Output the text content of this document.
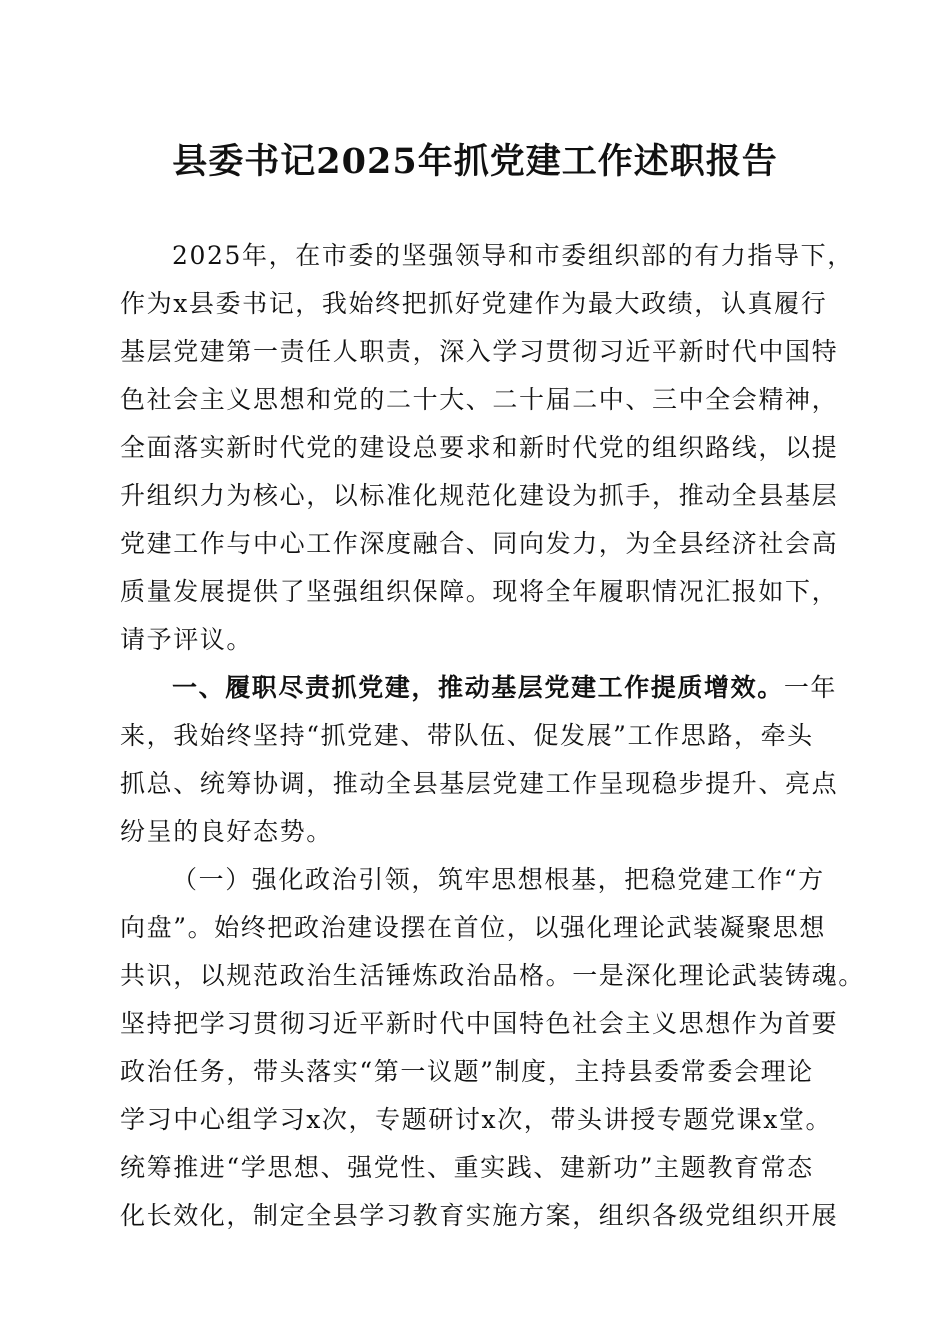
县委书记2025年抓党建工作述职报告
2025年，在市委的坚强领导和市委组织部的有力指导下，
作为x县委书记，我始终把抓好党建作为最大政绩，认真履行
基层党建第一责任人职责，深入学习贯彻习近平新时代中国特
色社会主义思想和党的二十大、二十届二中、三中全会精神，
全面落实新时代党的建设总要求和新时代党的组织路线，以提
升组织力为核心，以标准化规范化建设为抓手，推动全县基层
党建工作与中心工作深度融合、同向发力，为全县经济社会高
质量发展提供了坚强组织保障。现将全年履职情况汇报如下，
请予评议。
一、履职尽责抓党建，推动基层党建工作提质增效。一年
来，我始终坚持“抓党建、带队伍、促发展”工作思路，牵头
抓总、统筹协调，推动全县基层党建工作呈现稳步提升、亮点
纷呈的良好态势。
（一）强化政治引领，筑牢思想根基，把稳党建工作“方
向盘”。始终把政治建设摆在首位，以强化理论武装凝聚思想
共识，以规范政治生活锤炼政治品格。一是深化理论武装铸魂。
坚持把学习贯彻习近平新时代中国特色社会主义思想作为首要
政治任务，带头落实“第一议题”制度，主持县委常委会理论
学习中心组学习x次，专题研讨x次，带头讲授专题党课x堂。
统筹推进“学思想、强党性、重实践、建新功”主题教育常态
化长效化，制定全县学习教育实施方案，组织各级党组织开展
